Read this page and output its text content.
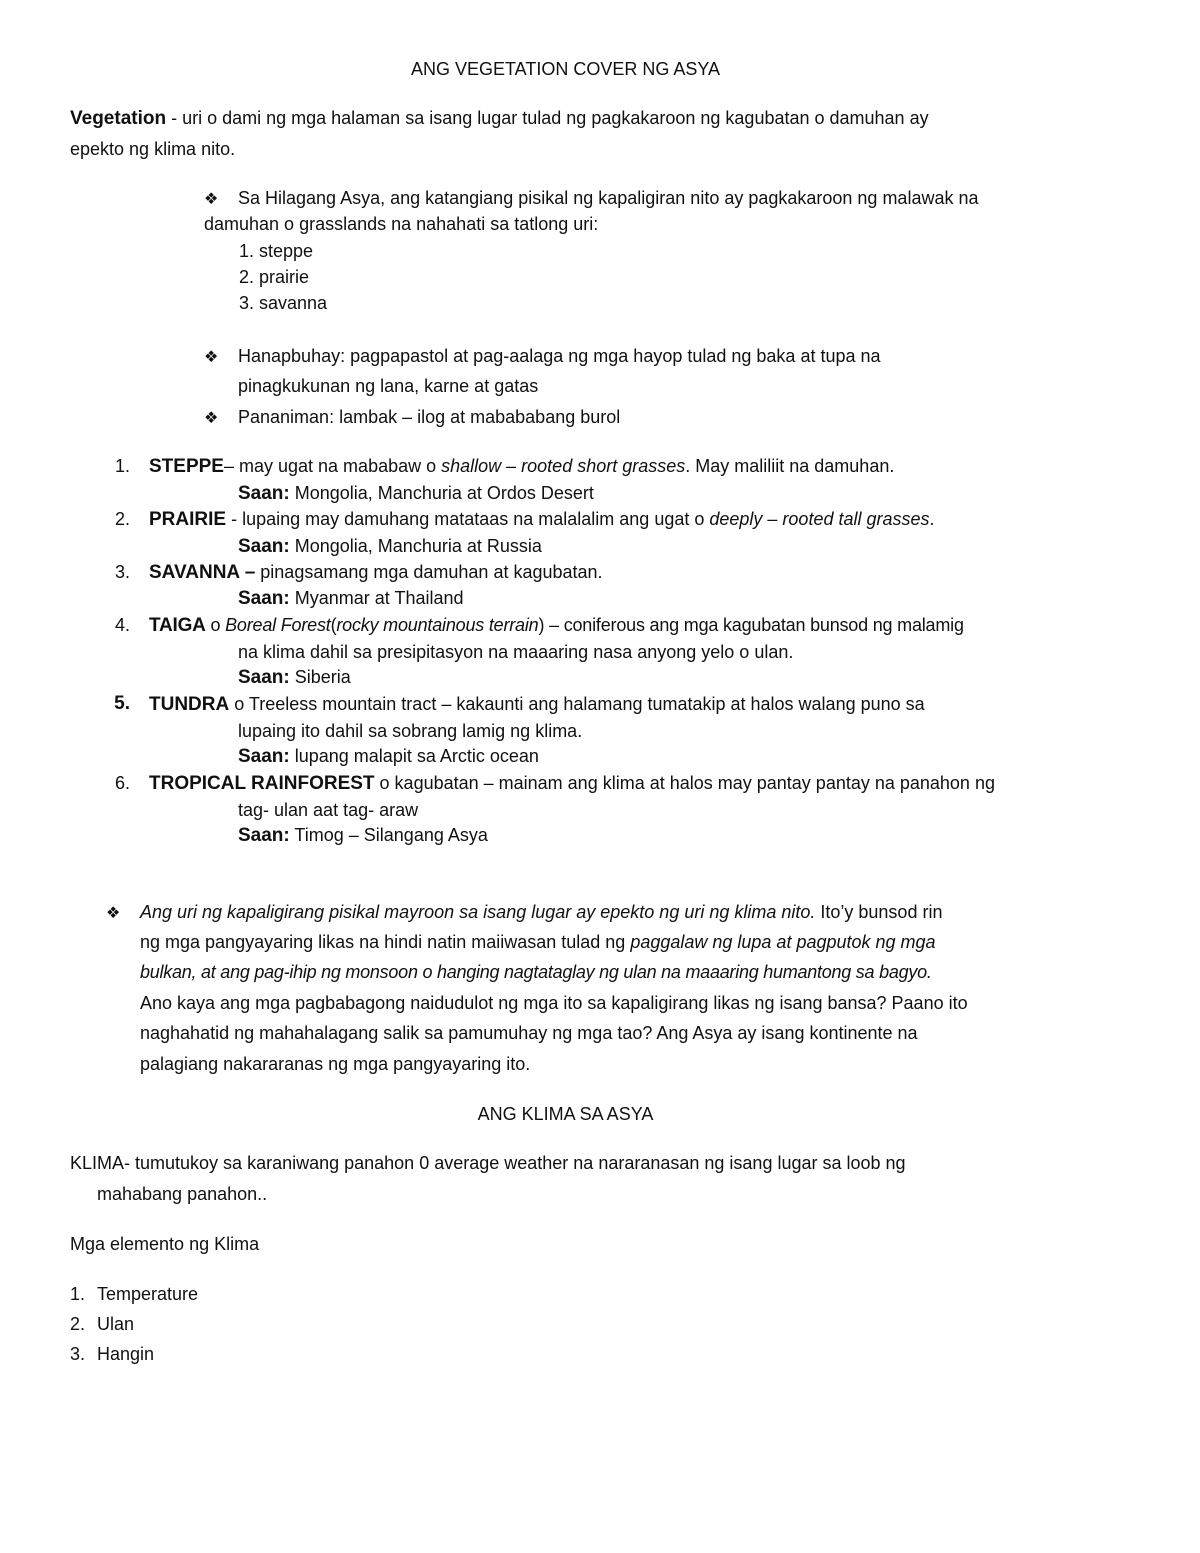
ANG VEGETATION COVER NG ASYA
Vegetation - uri o dami ng mga halaman sa isang lugar tulad ng pagkakaroon ng kagubatan o damuhan ay
epekto ng klima nito.
❖ Sa Hilagang Asya, ang katangiang pisikal ng kapaligiran nito ay pagkakaroon ng malawak na
damuhan o grasslands na nahahati sa tatlong uri:
1. steppe
2. prairie
3. savanna
❖ Hanapbuhay: pagpapastol at pag-aalaga ng mga hayop tulad ng baka at tupa na
pinagkukunan ng lana, karne at gatas
❖ Pananiman: lambak – ilog at mabababang burol
1. STEPPE– may ugat na mababaw o shallow – rooted short grasses. May maliliit na damuhan.
Saan: Mongolia, Manchuria at Ordos Desert
2. PRAIRIE - lupaing may damuhang matataas na malalalim ang ugat o deeply – rooted tall grasses.
Saan: Mongolia, Manchuria at Russia
3. SAVANNA – pinagsamang mga damuhan at kagubatan.
Saan: Myanmar at Thailand
4. TAIGA o Boreal Forest(rocky mountainous terrain) – coniferous ang mga kagubatan bunsod ng malamig
na klima dahil sa presipitasyon na maaaring nasa anyong yelo o ulan.
Saan: Siberia
5. TUNDRA o Treeless mountain tract – kakaunti ang halamang tumatakip at halos walang puno sa
lupaing ito dahil sa sobrang lamig ng klima.
Saan: lupang malapit sa Arctic ocean
6. TROPICAL RAINFOREST o kagubatan – mainam ang klima at halos may pantay pantay na panahon ng
tag- ulan aat tag- araw
Saan: Timog – Silangang Asya
❖ Ang uri ng kapaligirang pisikal mayroon sa isang lugar ay epekto ng uri ng klima nito. Ito’y bunsod rin
ng mga pangyayaring likas na hindi natin maiiwasan tulad ng paggalaw ng lupa at pagputok ng mga
bulkan, at ang pag-ihip ng monsoon o hanging nagtataglay ng ulan na maaaring humantong sa bagyo.
Ano kaya ang mga pagbabagong naidudulot ng mga ito sa kapaligirang likas ng isang bansa? Paano ito
naghahatid ng mahahalagang salik sa pamumuhay ng mga tao? Ang Asya ay isang kontinente na
palagiang nakararanas ng mga pangyayaring ito.
ANG KLIMA SA ASYA
KLIMA- tumutukoy sa karaniwang panahon 0 average weather na nararanasan ng isang lugar sa loob ng
mahabang panahon..
Mga elemento ng Klima
1. Temperature
2. Ulan
3. Hangin
